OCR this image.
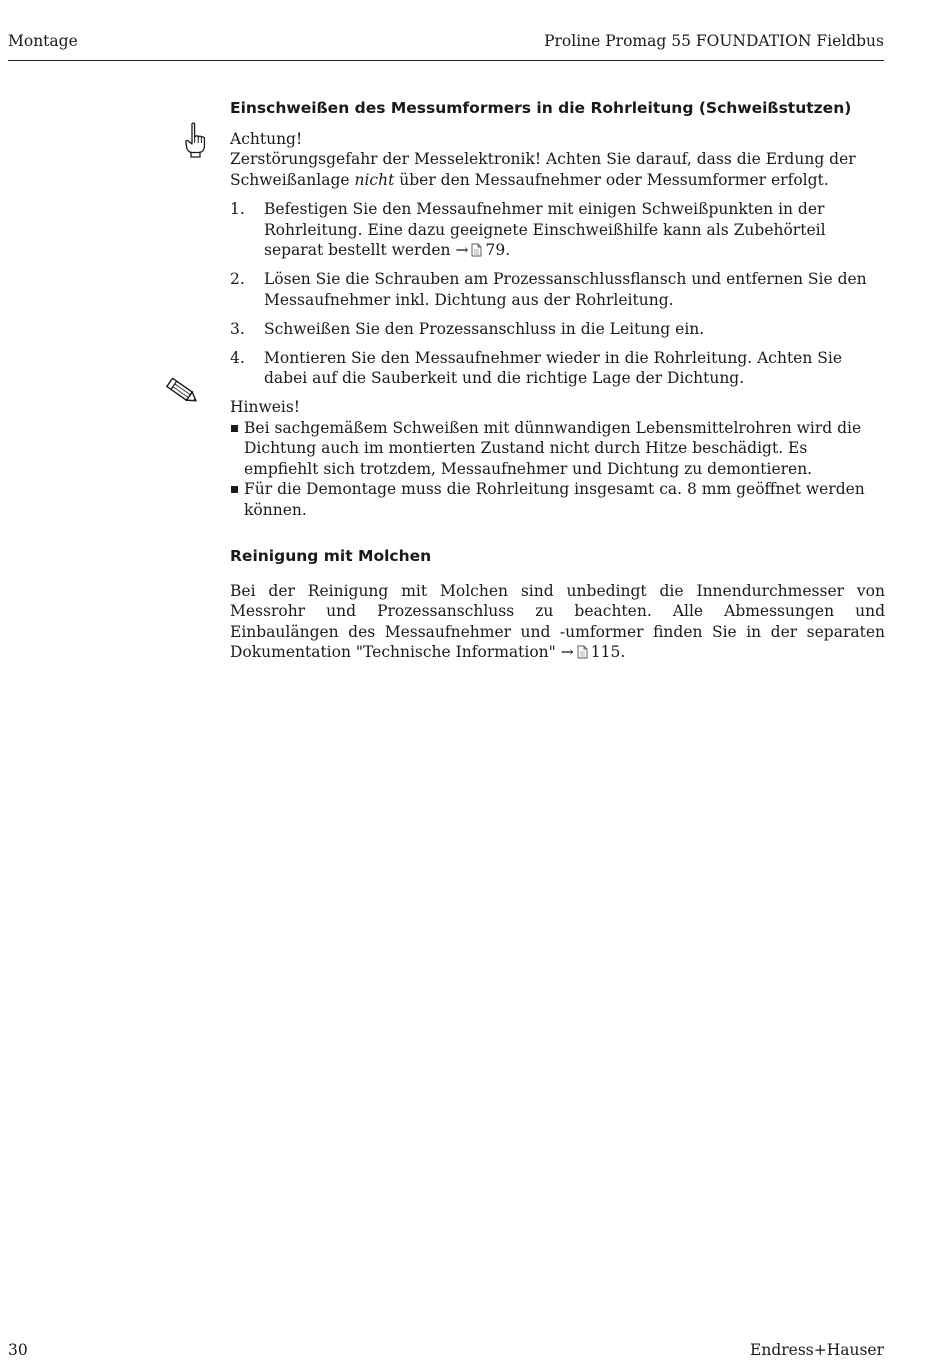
Montage	Proline Promag 55 FOUNDATION Fieldbus

Einschweißen des Messumformers in die Rohrleitung (Schweißstutzen)

Achtung!

Zerstörungsgefahr der Messelektronik! Achten Sie darauf, dass die Erdung der Schweißanlage nicht über den Messaufnehmer oder Messumformer erfolgt.

1. Befestigen Sie den Messaufnehmer mit einigen Schweißpunkten in der Rohrleitung. Eine dazu geeignete Einschweißhilfe kann als Zubehörteil separat bestellt werden → 79.
2. Lösen Sie die Schrauben am Prozessanschlussflansch und entfernen Sie den Messaufnehmer inkl. Dichtung aus der Rohrleitung.
3. Schweißen Sie den Prozessanschluss in die Leitung ein.
4. Montieren Sie den Messaufnehmer wieder in die Rohrleitung. Achten Sie dabei auf die Sauberkeit und die richtige Lage der Dichtung.

Hinweis!

Bei sachgemäßem Schweißen mit dünnwandigen Lebensmittelrohren wird die Dichtung auch im montierten Zustand nicht durch Hitze beschädigt. Es empfiehlt sich trotzdem, Messaufnehmer und Dichtung zu demontieren.
Für die Demontage muss die Rohrleitung insgesamt ca. 8 mm geöffnet werden können.

Reinigung mit Molchen

Bei der Reinigung mit Molchen sind unbedingt die Innendurchmesser von Messrohr und Prozessanschluss zu beachten. Alle Abmessungen und Einbaulängen des Messaufnehmer und -umformer finden Sie in der separaten Dokumentation "Technische Information" → 115.

30	Endress+Hauser
